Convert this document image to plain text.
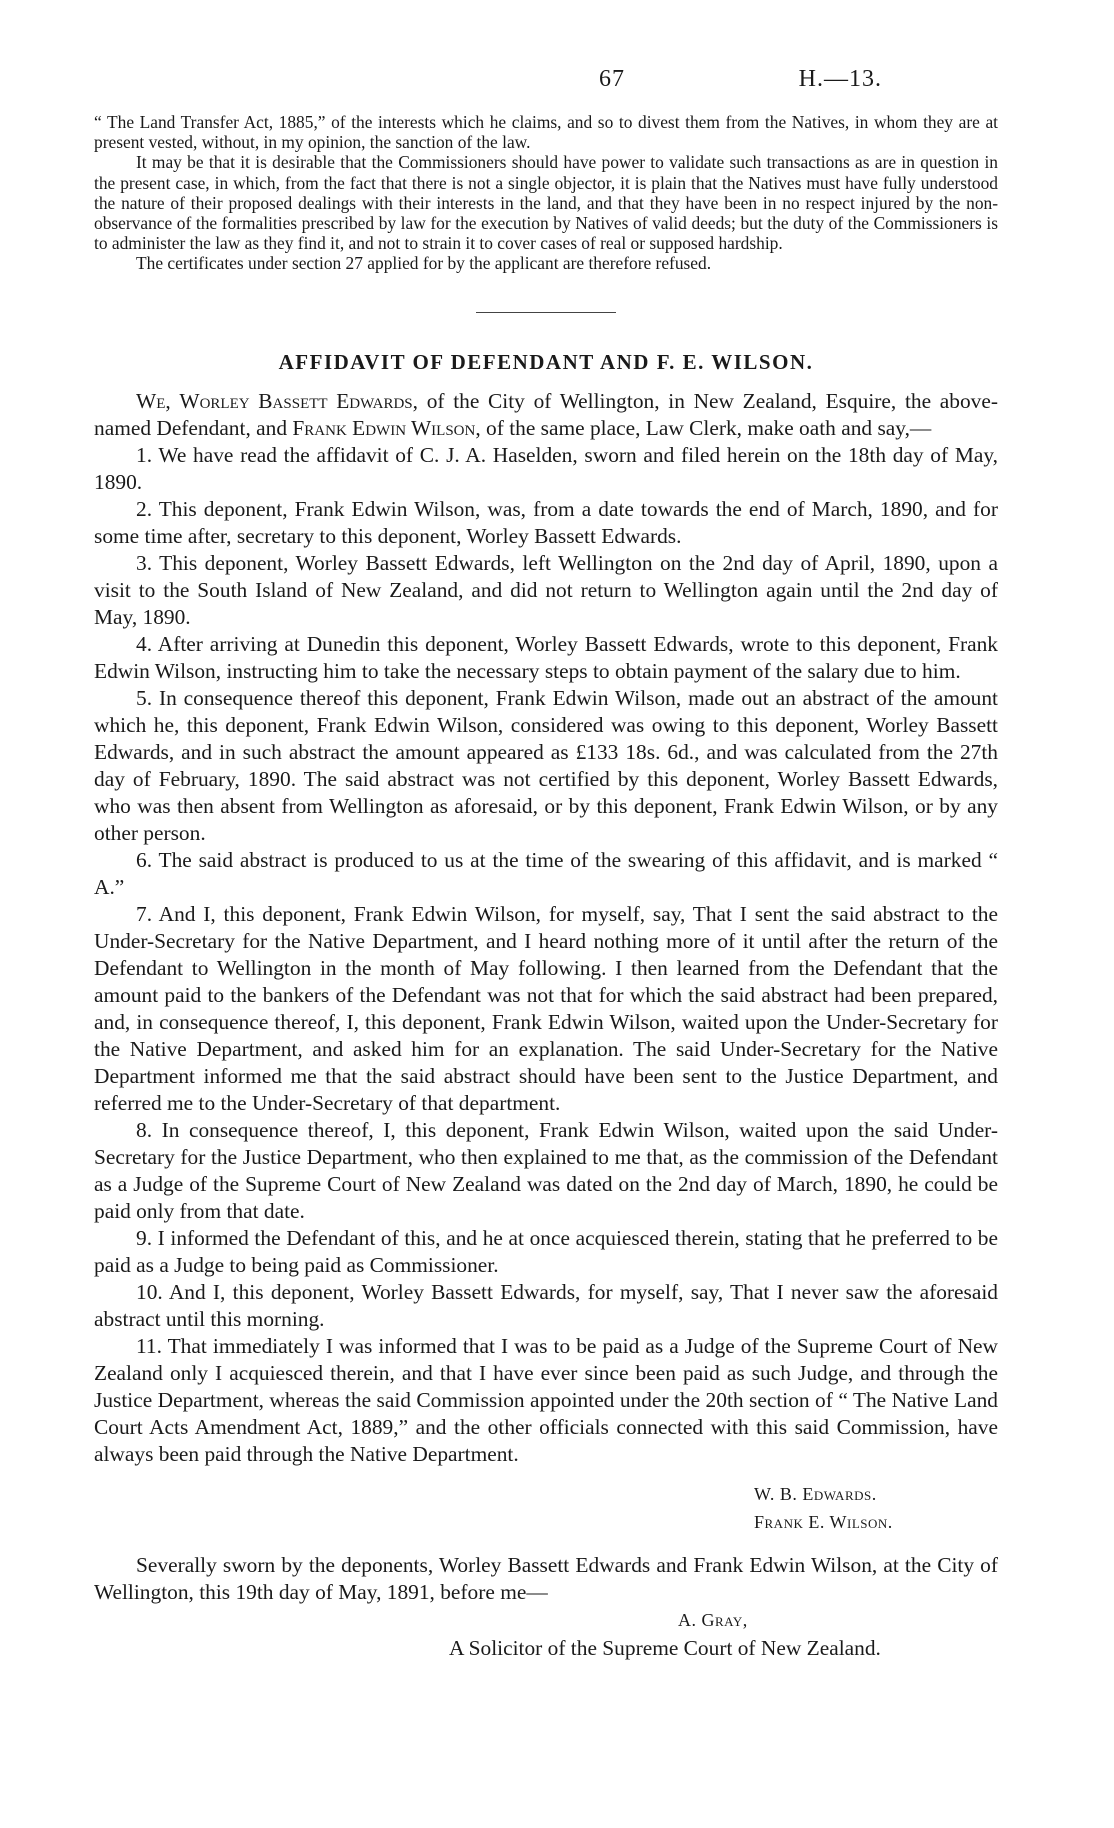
67	H.—13.

“ The Land Transfer Act, 1885,” of the interests which he claims, and so to divest them from the Natives, in whom they are at present vested, without, in my opinion, the sanction of the law.

It may be that it is desirable that the Commissioners should have power to validate such transactions as are in question in the present case, in which, from the fact that there is not a single objector, it is plain that the Natives must have fully understood the nature of their proposed dealings with their interests in the land, and that they have been in no respect injured by the non-observance of the formalities prescribed by law for the execution by Natives of valid deeds; but the duty of the Commissioners is to administer the law as they find it, and not to strain it to cover cases of real or supposed hardship.

The certificates under section 27 applied for by the applicant are therefore refused.

AFFIDAVIT OF DEFENDANT AND F. E. WILSON.

We, Worley Bassett Edwards, of the City of Wellington, in New Zealand, Esquire, the above-named Defendant, and Frank Edwin Wilson, of the same place, Law Clerk, make oath and say,—

1. We have read the affidavit of C. J. A. Haselden, sworn and filed herein on the 18th day of May, 1890.

2. This deponent, Frank Edwin Wilson, was, from a date towards the end of March, 1890, and for some time after, secretary to this deponent, Worley Bassett Edwards.

3. This deponent, Worley Bassett Edwards, left Wellington on the 2nd day of April, 1890, upon a visit to the South Island of New Zealand, and did not return to Wellington again until the 2nd day of May, 1890.

4. After arriving at Dunedin this deponent, Worley Bassett Edwards, wrote to this deponent, Frank Edwin Wilson, instructing him to take the necessary steps to obtain payment of the salary due to him.

5. In consequence thereof this deponent, Frank Edwin Wilson, made out an abstract of the amount which he, this deponent, Frank Edwin Wilson, considered was owing to this deponent, Worley Bassett Edwards, and in such abstract the amount appeared as £133 18s. 6d., and was calculated from the 27th day of February, 1890. The said abstract was not certified by this deponent, Worley Bassett Edwards, who was then absent from Wellington as aforesaid, or by this deponent, Frank Edwin Wilson, or by any other person.

6. The said abstract is produced to us at the time of the swearing of this affidavit, and is marked “ A.”

7. And I, this deponent, Frank Edwin Wilson, for myself, say, That I sent the said abstract to the Under-Secretary for the Native Department, and I heard nothing more of it until after the return of the Defendant to Wellington in the month of May following. I then learned from the Defendant that the amount paid to the bankers of the Defendant was not that for which the said abstract had been prepared, and, in consequence thereof, I, this deponent, Frank Edwin Wilson, waited upon the Under-Secretary for the Native Department, and asked him for an explanation. The said Under-Secretary for the Native Department informed me that the said abstract should have been sent to the Justice Department, and referred me to the Under-Secretary of that department.

8. In consequence thereof, I, this deponent, Frank Edwin Wilson, waited upon the said Under-Secretary for the Justice Department, who then explained to me that, as the commission of the Defendant as a Judge of the Supreme Court of New Zealand was dated on the 2nd day of March, 1890, he could be paid only from that date.

9. I informed the Defendant of this, and he at once acquiesced therein, stating that he preferred to be paid as a Judge to being paid as Commissioner.

10. And I, this deponent, Worley Bassett Edwards, for myself, say, That I never saw the aforesaid abstract until this morning.

11. That immediately I was informed that I was to be paid as a Judge of the Supreme Court of New Zealand only I acquiesced therein, and that I have ever since been paid as such Judge, and through the Justice Department, whereas the said Commission appointed under the 20th section of “ The Native Land Court Acts Amendment Act, 1889,” and the other officials connected with this said Commission, have always been paid through the Native Department.

W. B. Edwards.
Frank E. Wilson.

Severally sworn by the deponents, Worley Bassett Edwards and Frank Edwin Wilson, at the City of Wellington, this 19th day of May, 1891, before me—

A. Gray,
A Solicitor of the Supreme Court of New Zealand.
